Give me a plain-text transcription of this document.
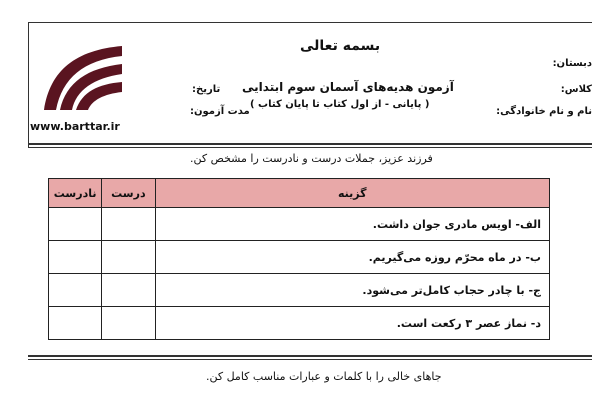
بسمه تعالی
آزمون هدیه‌های آسمان سوم ابتدایی
( پایانی - از اول کتاب تا پایان کتاب )
دبستان:
کلاس:
نام و نام خانوادگی:
تاریخ:
مدت آزمون:
www.barttar.ir
فرزند عزیز، جملات درست و نادرست را مشخص کن.
گزینه	درست	نادرست
الف- اویس مادری جوان داشت.		
ب- در ماه محرّم روزه می‌گیریم.		
ج- با چادر حجاب کامل‌تر می‌شود.		
د- نماز عصر ۳ رکعت است.		
جاهای خالی را با کلمات و عبارات مناسب کامل کن.
